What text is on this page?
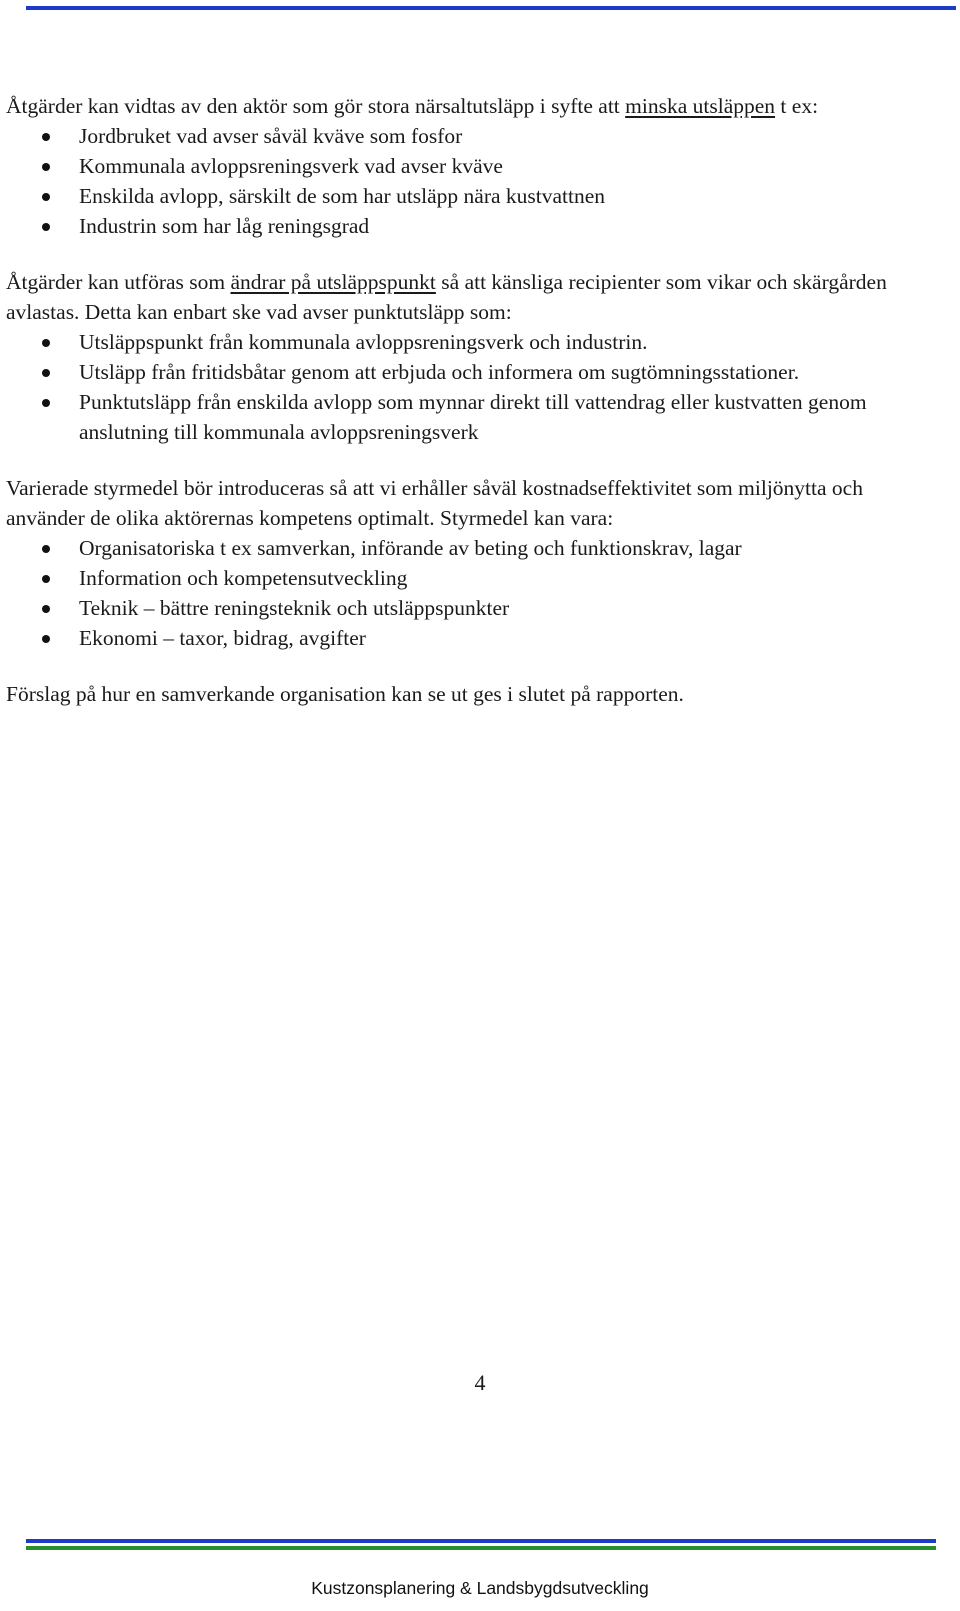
Åtgärder kan vidtas av den aktör som gör stora närsaltutsläpp i syfte att minska utsläppen t ex:

Jordbruket vad avser såväl kväve som fosfor
Kommunala avloppsreningsverk vad avser kväve
Enskilda avlopp, särskilt de som har utsläpp nära kustvattnen
Industrin som har låg reningsgrad

Åtgärder kan utföras som ändrar på utsläppspunkt så att känsliga recipienter som vikar och skärgården avlastas. Detta kan enbart ske vad avser punktutsläpp som:

Utsläppspunkt från kommunala avloppsreningsverk och industrin.
Utsläpp från fritidsbåtar genom att erbjuda och informera om sugtömningsstationer.
Punktutsläpp från enskilda avlopp som mynnar direkt till vattendrag eller kustvatten genom anslutning till kommunala avloppsreningsverk

Varierade styrmedel bör introduceras så att vi erhåller såväl kostnadseffektivitet som miljönytta och använder de olika aktörernas kompetens optimalt. Styrmedel kan vara:

Organisatoriska t ex samverkan, införande av beting och funktionskrav, lagar
Information och kompetensutveckling
Teknik – bättre reningsteknik och utsläppspunkter
Ekonomi – taxor, bidrag, avgifter

Förslag på hur en samverkande organisation kan se ut ges i slutet på rapporten.

4
Kustzonsplanering & Landsbygdsutveckling
